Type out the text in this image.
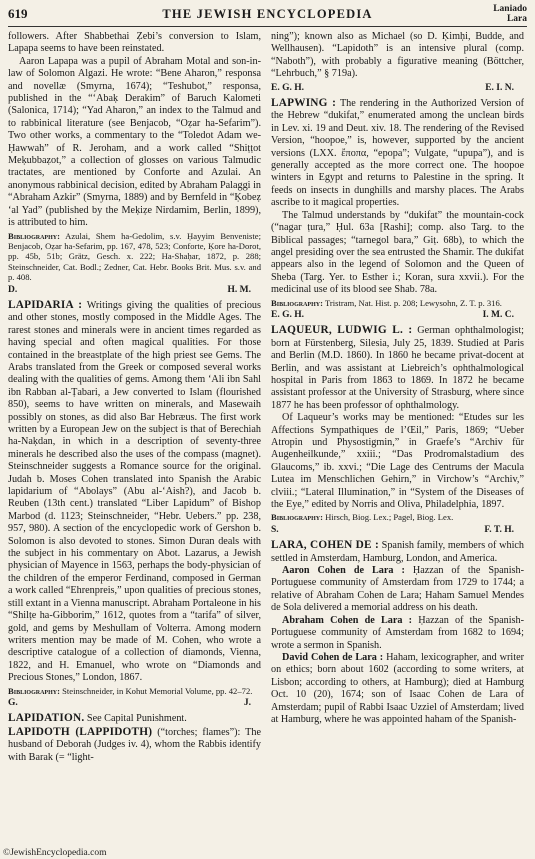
619	THE JEWISH ENCYCLOPEDIA	Laniado
Lara

followers. After Shabbethai Ẓebi’s conversion to Islam, Lapapa seems to have been reinstated.

Aaron Lapapa was a pupil of Abraham Motal and son-in-law of Solomon Algazi. He wrote: “Bene Aharon,” responsa and novellæ (Smyrna, 1674); “Teshubot,” responsa, published in the “ʻAbaḳ Derakim” of Baruch Kalometi (Salonica, 1714); “Yad Aharon,” an index to the Talmud and to rabbinical literature (see Benjacob, “Oẓar ha-Sefarim”). Two other works, a commentary to the “Toledot Adam we-Ḥawwah” of R. Jeroham, and a work called “Shiṭṭot Meḳubbaẓot,” a collection of glosses on various Talmudic tractates, are mentioned by Conforte and Azulai. An anonymous rabbinical decision, edited by Abraham Palaggi in “Abraham Azkir” (Smyrna, 1889) and by Bernfeld in “Ḳobeẓ ʻal Yad” (published by the Meḳiẓe Nirdamim, Berlin, 1899), is attributed to him.

Bibliography: Azulai, Shem ha-Gedolim, s.v. Ḥayyim Benveniste; Benjacob, Oẓar ha-Sefarim, pp. 167, 478, 523; Conforte, Ḳore ha-Dorot, pp. 45b, 51b; Grätz, Gesch. x. 222; Ha-Shaḥar, 1872, p. 288; Steinschneider, Cat. Bodl.; Zedner, Cat. Hebr. Books Brit. Mus. s.v. and p. 408.
D.	H. M.

LAPIDARIA : Writings giving the qualities of precious and other stones, mostly composed in the Middle Ages. The rarest stones and minerals were in ancient times regarded as having special and often magical qualities. For those contained in the breastplate of the high priest see Gems. The Arabs translated from the Greek or composed several works dealing with the qualities of gems. Among them ʻAli ibn Sahl ibn Rabban al-Ṭabari, a Jew converted to Islam (flourished 850), seems to have written on minerals, and Masewaih possibly on stones, as did also Bar Hebræus. The first work written by a European Jew on the subject is that of Berechiah ha-Naḳdan, in which in a description of seventy-three minerals he described also the uses of the compass (magnet). Steinschneider suggests a Romance source for the original. Judah b. Moses Cohen translated into Spanish the Arabic lapidarium of “Abolays” (Abu al-ʻAish?), and Jacob b. Reuben (13th cent.) translated “Liber Lapidum” of Bishop Marbod (d. 1123; Steinschneider, “Hebr. Uebers.” pp. 238, 957, 980). A section of the encyclopedic work of Gershon b. Solomon is also devoted to stones. Simon Duran deals with the subject in his commentary on Abot. Lazarus, a Jewish physician of Mayence in 1563, perhaps the body-physician of the children of the emperor Ferdinand, composed in German a work called “Ehrenpreis,” upon qualities of precious stones, still extant in a Vienna manuscript. Abraham Portaleone in his “Shilṭe ha-Gibborim,” 1612, quotes from a “tarifa” of silver, gold, and gems by Meshullam of Volterra. Among modern writers mention may be made of M. Cohen, who wrote a descriptive catalogue of a collection of diamonds, Vienna, 1822, and H. Emanuel, who wrote on “Diamonds and Precious Stones,” London, 1867.

Bibliography: Steinschneider, in Kohut Memorial Volume, pp. 42–72.
G.	J.

LAPIDATION. See Capital Punishment.

LAPIDOTH (LAPPIDOTH) (“torches; flames”): The husband of Deborah (Judges iv. 4), whom the Rabbis identify with Barak (= “light-

ning”); known also as Michael (so D. Ḳimḥi, Budde, and Wellhausen). “Lapidoth” is an intensive plural (comp. “Naboth”), with probably a figurative meaning (Böttcher, “Lehrbuch,” § 719a).

E. G. H.	E. I. N.

LAPWING : The rendering in the Authorized Version of the Hebrew “dukifat,” enumerated among the unclean birds in Lev. xi. 19 and Deut. xiv. 18. The rendering of the Revised Version, “hoopoe,” is, however, supported by the ancient versions (LXX. ἔποπα, “epopa”; Vulgate, “upupa”), and is generally accepted as the more correct one. The hoopoe winters in Egypt and returns to Palestine in the spring. It feeds on insects in dunghills and marshy places. The Arabs ascribe to it magical properties.

The Talmud understands by “dukifat” the mountain-cock (“nagar ṭura,” Ḥul. 63a [Rashi]; comp. also Targ. to the Biblical passages; “tarnegol bara,” Giṭ. 68b), to which the angel presiding over the sea entrusted the Shamir. The dukifat appears also in the legend of Solomon and the Queen of Sheba (Targ. Yer. to Esther i.; Koran, sura xxvii.). For the medicinal use of its blood see Shab. 78a.

Bibliography: Tristram, Nat. Hist. p. 208; Lewysohn, Z. T. p. 316.
E. G. H.	I. M. C.

LAQUEUR, LUDWIG L. : German ophthalmologist; born at Fürstenberg, Silesia, July 25, 1839. Studied at Paris and Berlin (M.D. 1860). In 1860 he became privat-docent at Berlin, and was assistant at Liebreich’s ophthalmological hospital in Paris from 1863 to 1869. In 1872 he became assistant professor at the University of Strasburg, where since 1877 he has been professor of ophthalmology.

Of Laqueur’s works may be mentioned: “Etudes sur les Affections Sympathiques de l’Œil,” Paris, 1869; “Ueber Atropin und Physostigmin,” in Graefe’s “Archiv für Augenheilkunde,” xxiii.; “Das Prodromalstadium des Glaucoms,” ib. xxvi.; “Die Lage des Centrums der Macula Lutea im Menschlichen Gehirn,” in Virchow’s “Archiv,” clviii.; “Lateral Illumination,” in “System of the Diseases of the Eye,” edited by Norris and Oliva, Philadelphia, 1897.

Bibliography: Hirsch, Biog. Lex.; Pagel, Biog. Lex.
S.	F. T. H.

LARA, COHEN DE : Spanish family, members of which settled in Amsterdam, Hamburg, London, and America.

Aaron Cohen de Lara : Ḥazzan of the Spanish-Portuguese community of Amsterdam from 1729 to 1744; a relative of Abraham Cohen de Lara; Haham Samuel Mendes de Sola delivered a memorial address on his death.

Abraham Cohen de Lara : Ḥazzan of the Spanish-Portuguese community of Amsterdam from 1682 to 1694; wrote a sermon in Spanish.

David Cohen de Lara : Haham, lexicographer, and writer on ethics; born about 1602 (according to some writers, at Lisbon; according to others, at Hamburg); died at Hamburg Oct. 10 (20), 1674; son of Isaac Cohen de Lara of Amsterdam; pupil of Rabbi Isaac Uzziel of Amsterdam; lived at Hamburg, where he was appointed haham of the Spanish-

©JewishEncyclopedia.com
